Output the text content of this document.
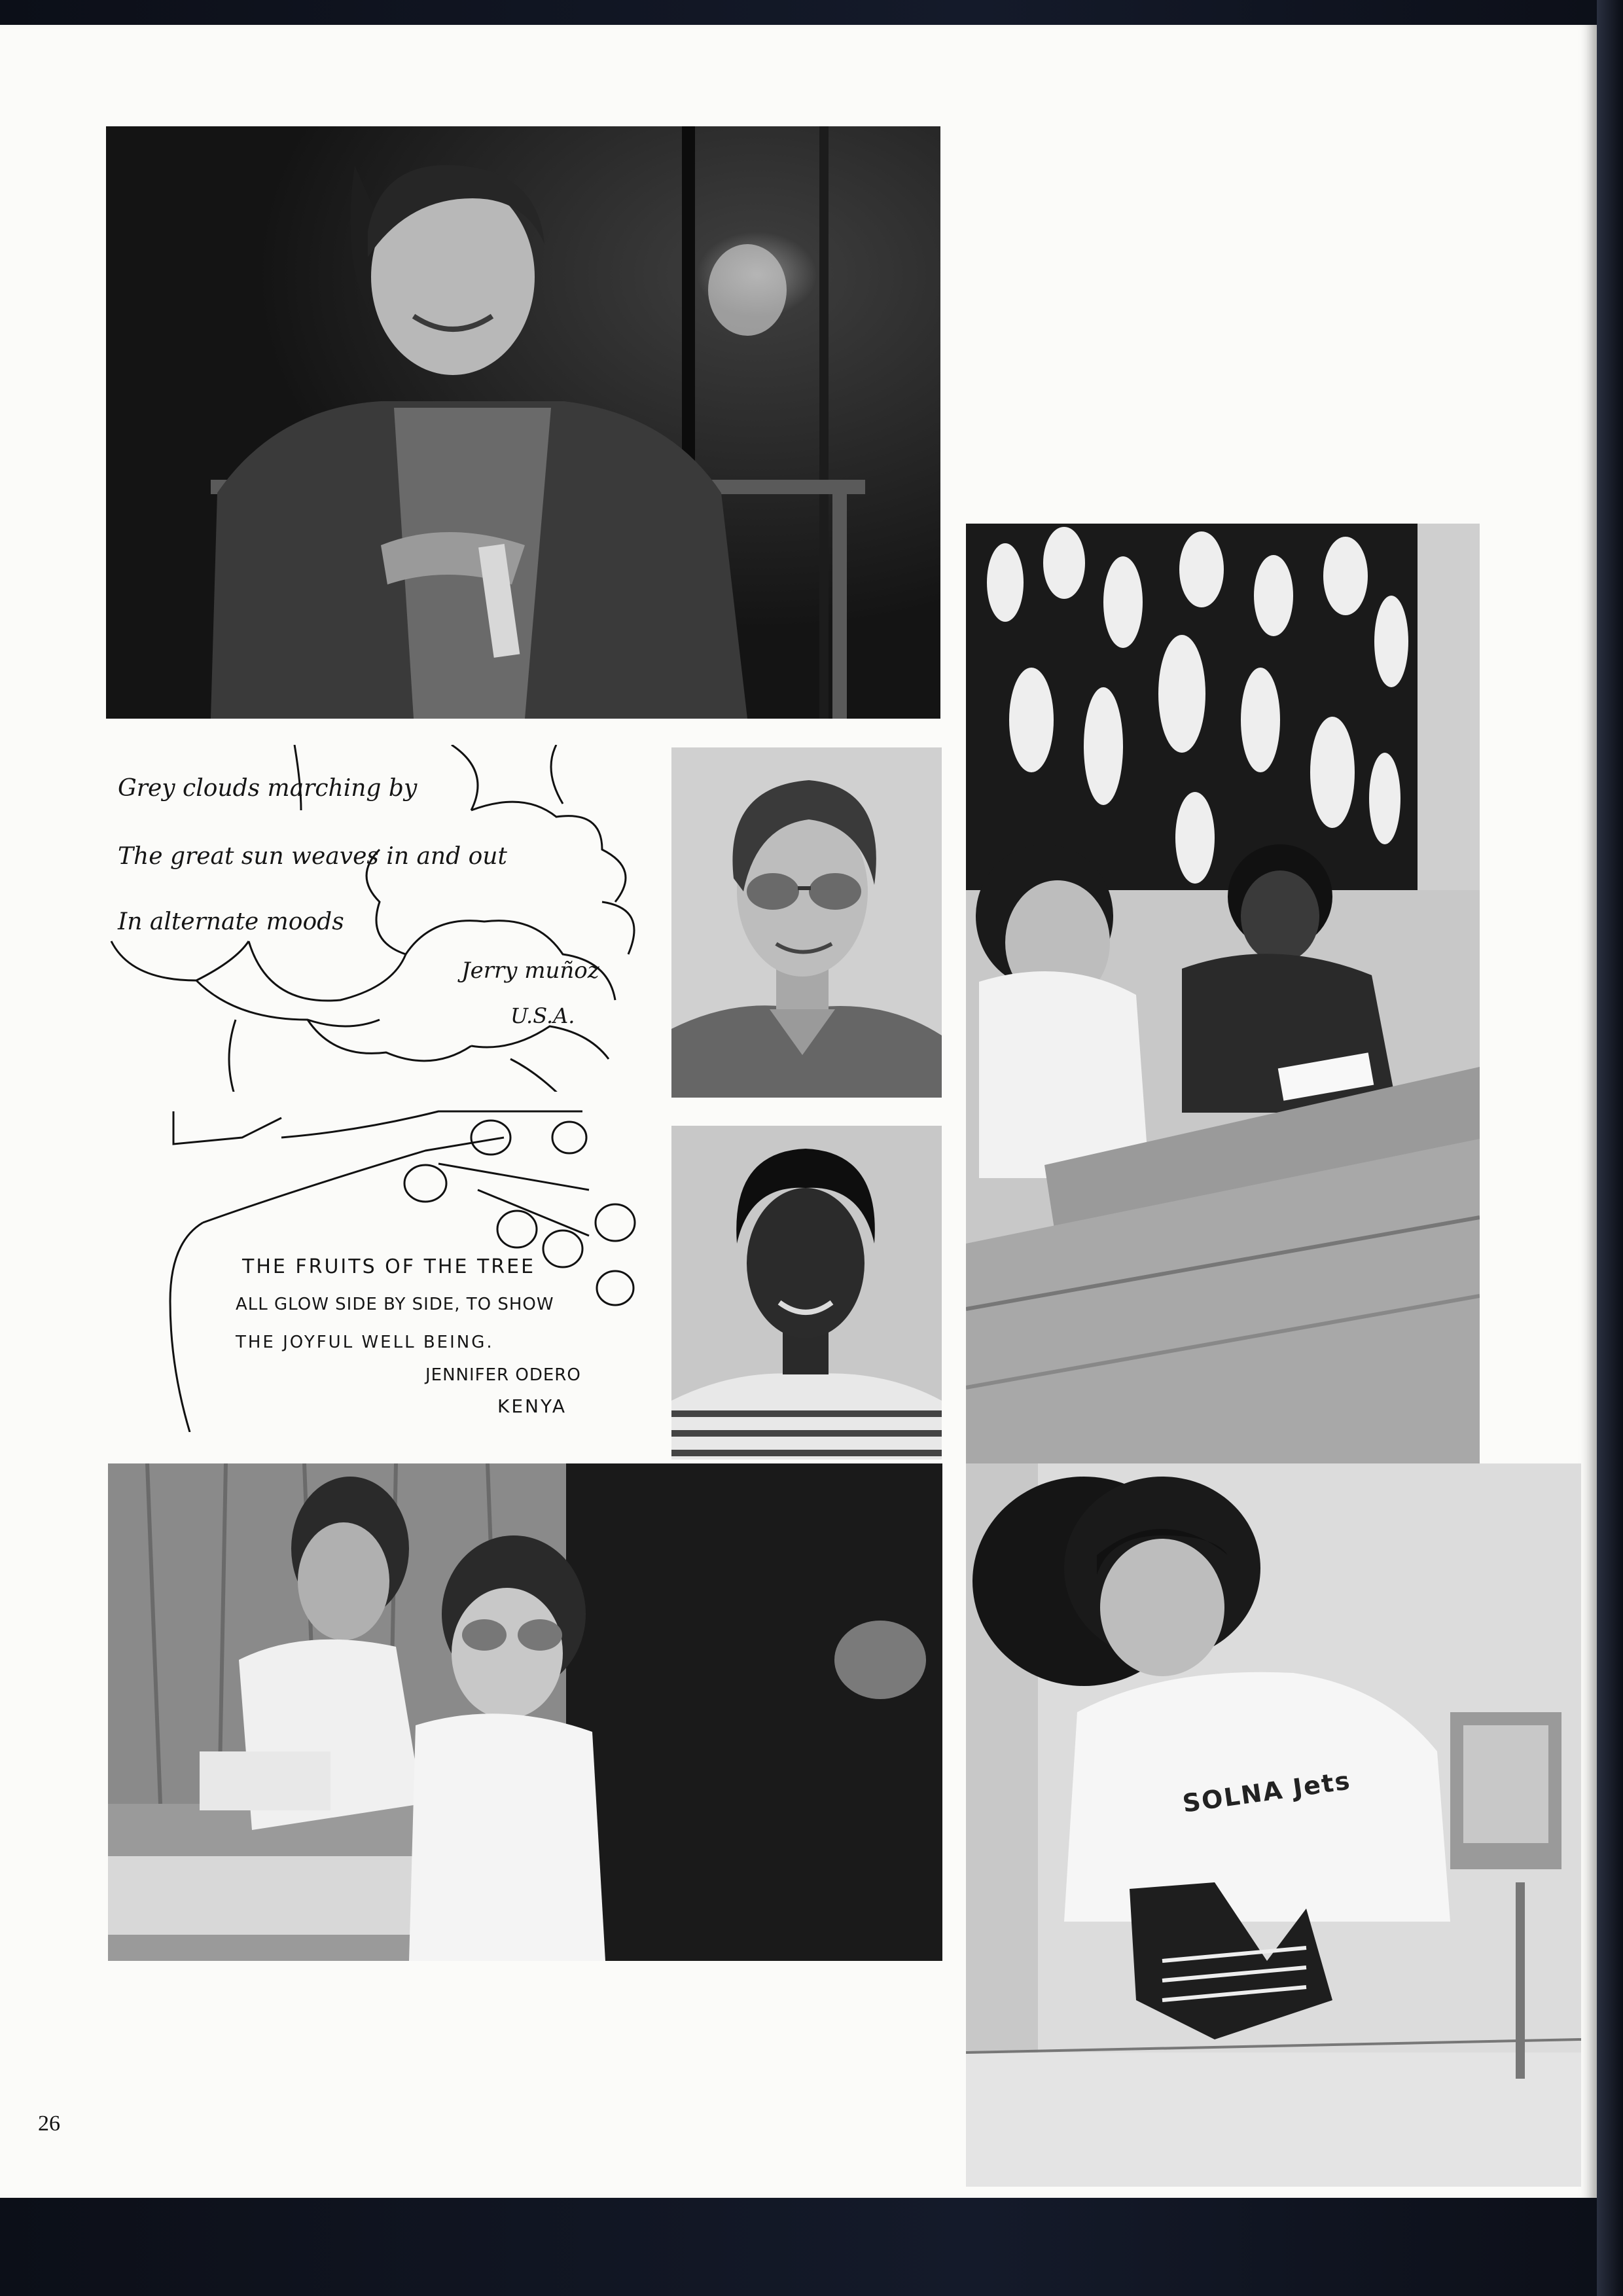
Grey clouds marching by
The great sun weaves in and out
In alternate moods
Jerry muñoz
U.S.A.
THE FRUITS OF THE TREE
ALL GLOW SIDE BY SIDE, TO SHOW
THE JOYFUL WELL BEING.
JENNIFER ODERO
KENYA
SOLNA Jets
26
